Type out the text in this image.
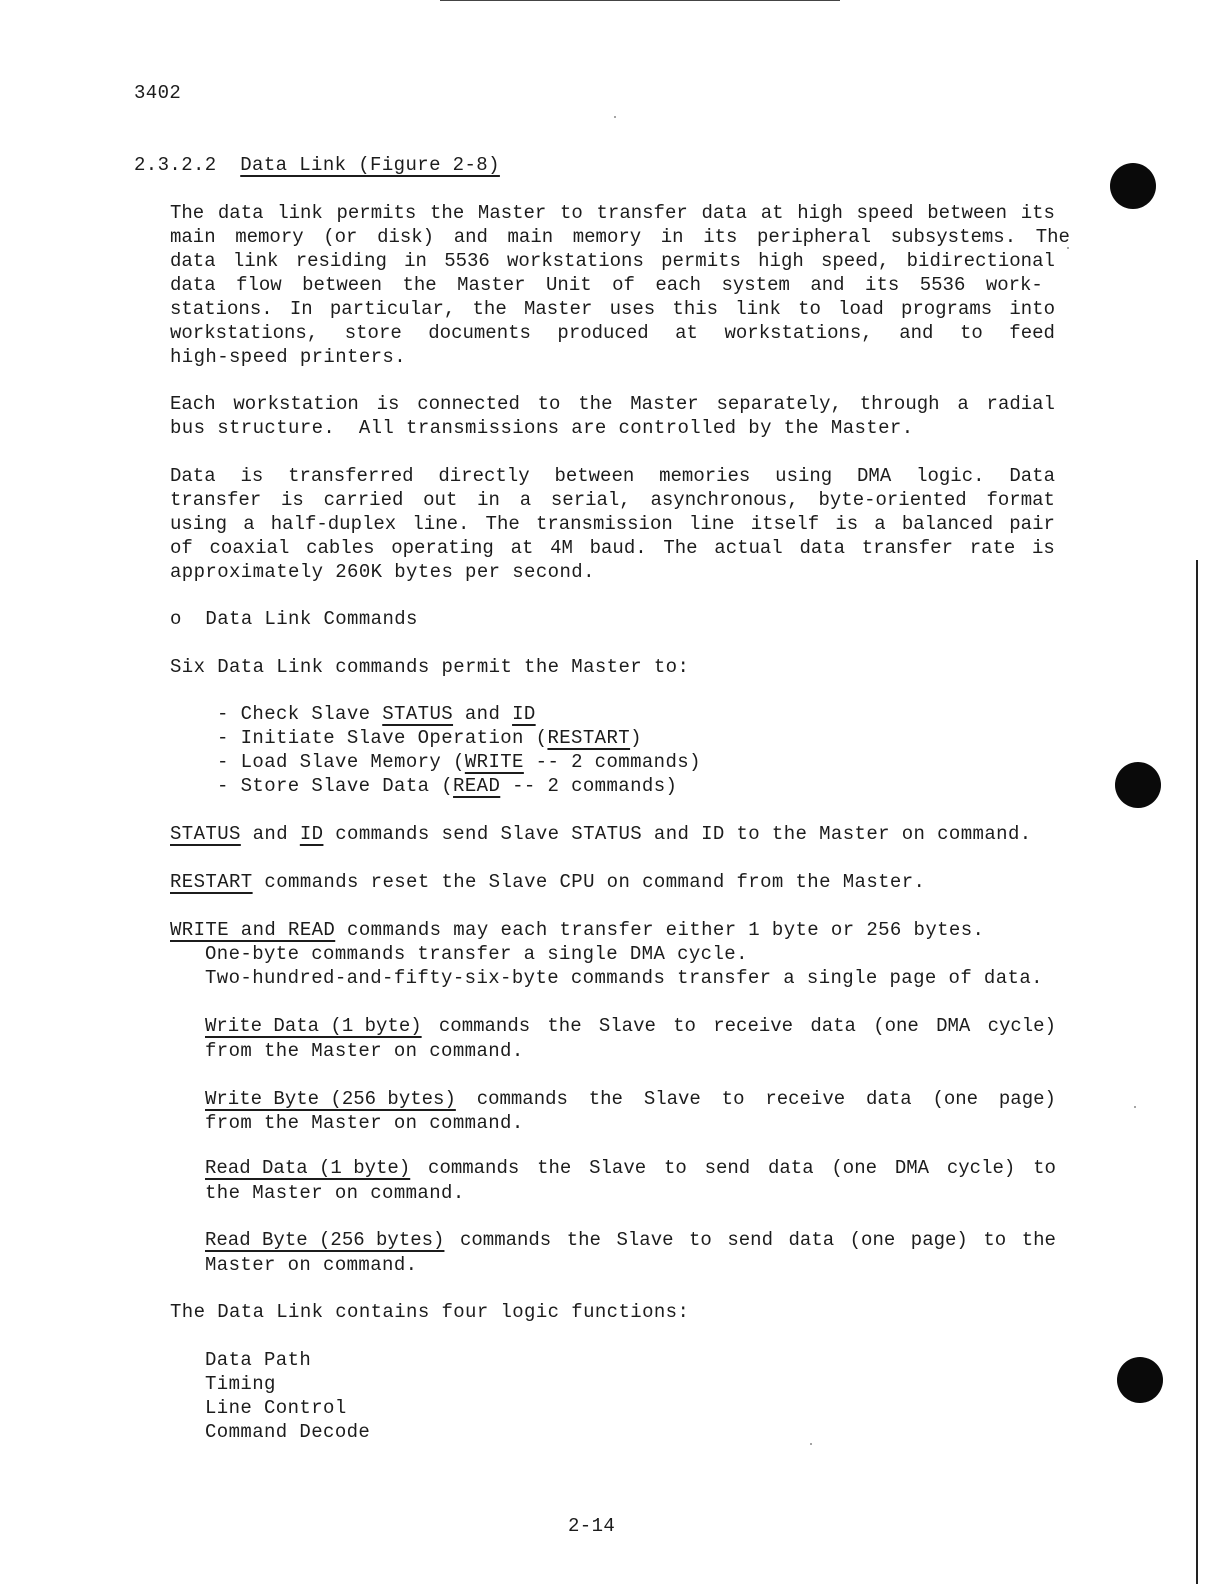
3402
2.3.2.2 Data Link (Figure 2-8)
The data link permits the Master to transfer data at high speed between its
main memory (or disk) and main memory in its peripheral subsystems. The
data link residing in 5536 workstations permits high speed, bidirectional
data flow between the Master Unit of each system and its 5536 work-
stations. In particular, the Master uses this link to load programs into
workstations, store documents produced at workstations, and to feed
high-speed printers.
Each workstation is connected to the Master separately, through a radial
bus structure.  All transmissions are controlled by the Master.
Data is transferred directly between memories using DMA logic. Data
transfer is carried out in a serial, asynchronous, byte-oriented format
using a half-duplex line. The transmission line itself is a balanced pair
of coaxial cables operating at 4M baud. The actual data transfer rate is
approximately 260K bytes per second.
o Data Link Commands
Six Data Link commands permit the Master to:
- Check Slave STATUS and ID
- Initiate Slave Operation (RESTART)
- Load Slave Memory (WRITE -- 2 commands)
- Store Slave Data (READ -- 2 commands)
STATUS and ID commands send Slave STATUS and ID to the Master on command.
RESTART commands reset the Slave CPU on command from the Master.
WRITE and READ commands may each transfer either 1 byte or 256 bytes.
One-byte commands transfer a single DMA cycle.
Two-hundred-and-fifty-six-byte commands transfer a single page of data.
Write Data (1 byte) commands the Slave to receive data (one DMA cycle)
from the Master on command.
Write Byte (256 bytes) commands the Slave to receive data (one page)
from the Master on command.
Read Data (1 byte) commands the Slave to send data (one DMA cycle) to
the Master on command.
Read Byte (256 bytes) commands the Slave to send data (one page) to the
Master on command.
The Data Link contains four logic functions:
Data Path
Timing
Line Control
Command Decode
2-14
